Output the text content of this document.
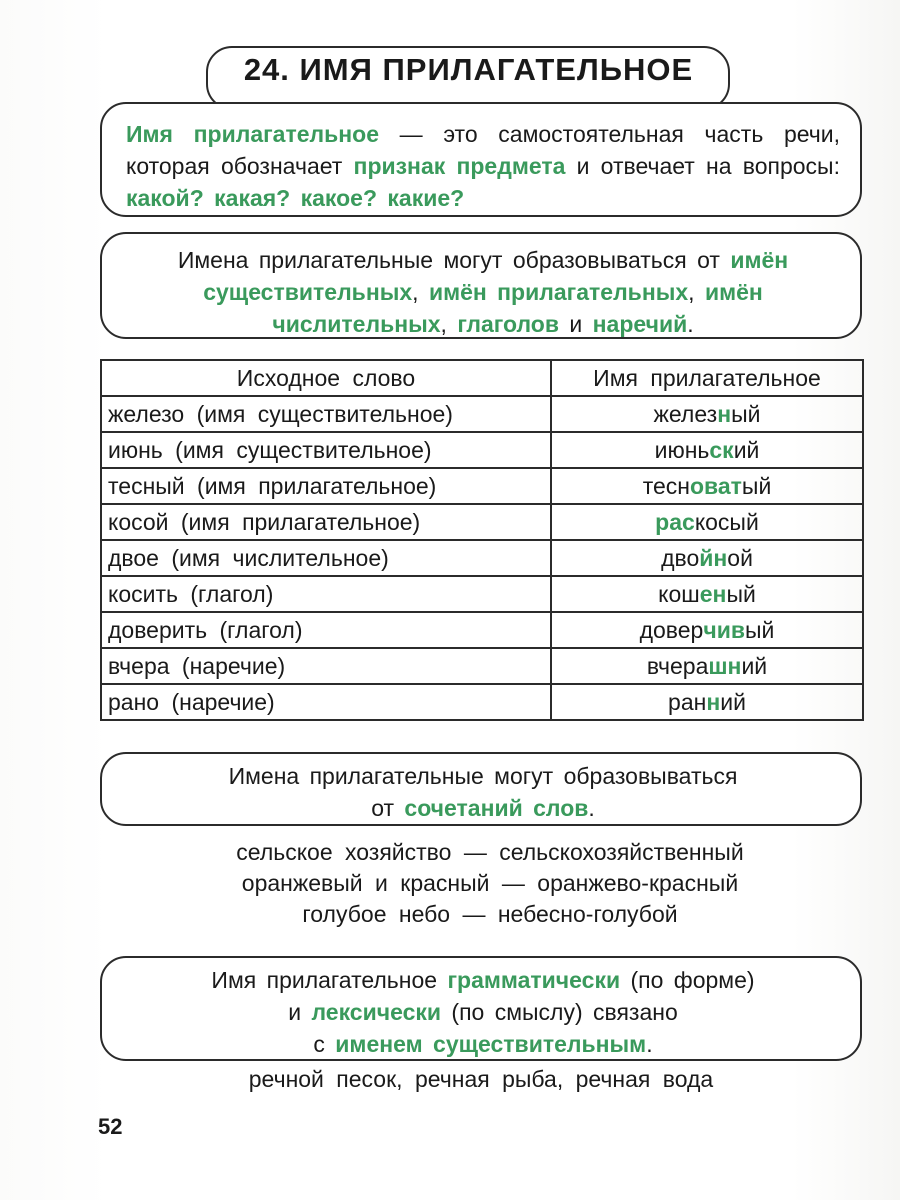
24. ИМЯ ПРИЛАГАТЕЛЬНОЕ

Имя прилагательное — это самостоятельная часть речи, которая обозначает признак предмета и отвечает на вопросы: какой? какая? какое? какие?

Имена прилагательные могут образовываться от имён существительных, имён прилагательных, имён числительных, глаголов и наречий.

Исходное слово	Имя прилагательное
железо (имя существительное)	железный
июнь (имя существительное)	июньский
тесный (имя прилагательное)	тесноватый
косой (имя прилагательное)	раскосый
двое (имя числительное)	двойной
косить (глагол)	кошеный
доверить (глагол)	доверчивый
вчера (наречие)	вчерашний
рано (наречие)	ранний

Имена прилагательные могут образовываться

от сочетаний слов.

сельское хозяйство — сельскохозяйственный
оранжевый и красный — оранжево-красный
голубое небо — небесно-голубой

Имя прилагательное грамматически (по форме)

и лексически (по смыслу) связано

с именем существительным.

речной песок, речная рыба, речная вода
52
